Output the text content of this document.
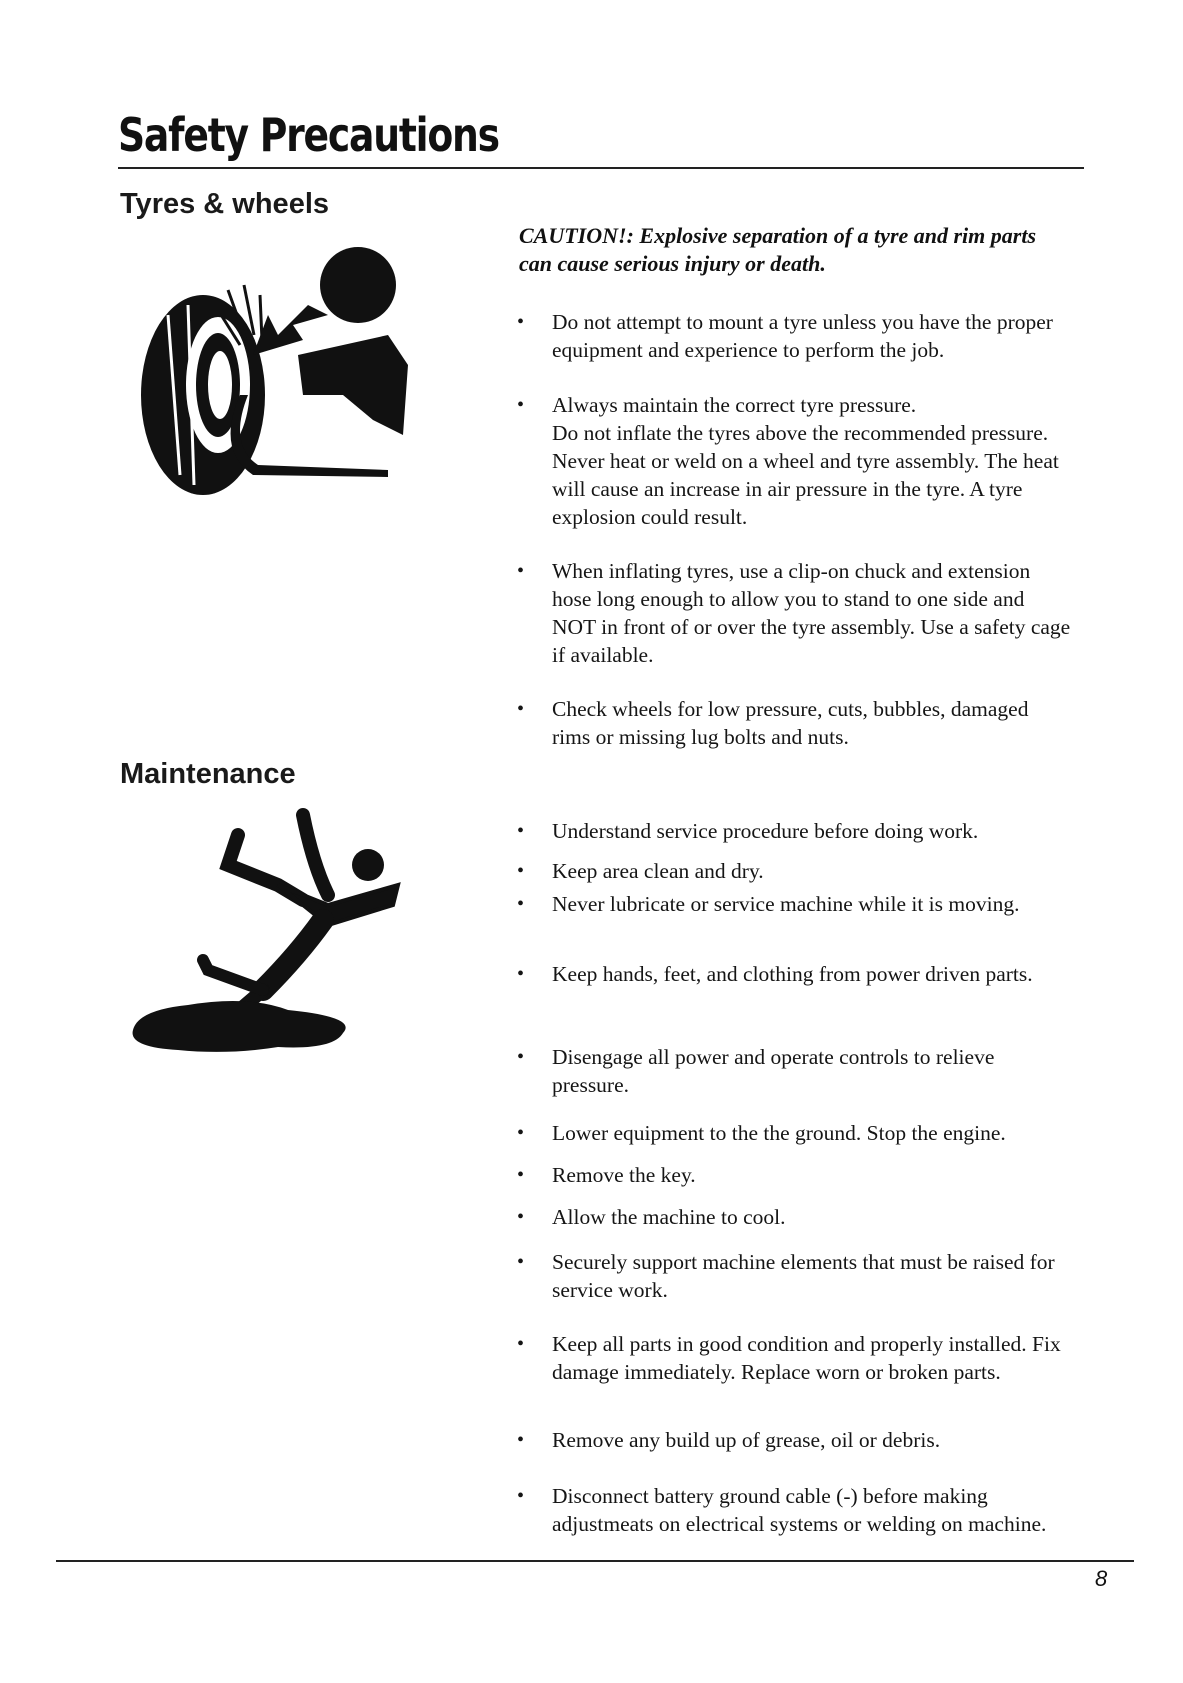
Safety Precautions
Tyres & wheels
CAUTION!: Explosive separation of a tyre and rim parts can cause serious injury or death.
• Do not attempt to mount a tyre unless you have the proper equipment and experience to perform the job.
• Always maintain the correct tyre pressure.
Do not inflate the tyres above the recommended pressure. Never heat or weld on a wheel and tyre assembly. The heat will cause an increase in air pressure in the tyre. A tyre explosion could result.
• When inflating tyres, use a clip-on chuck and extension hose long enough to allow you to stand to one side and NOT in front of or over the tyre assembly. Use a safety cage if available.
• Check wheels for low pressure, cuts, bubbles, damaged rims or missing lug bolts and nuts.
Maintenance
• Understand service procedure before doing work.
• Keep area clean and dry.
• Never lubricate or service machine while it is moving.
• Keep hands, feet, and clothing from power driven parts.
• Disengage all power and operate controls to relieve pressure.
• Lower equipment to the the ground. Stop the engine.
• Remove the key.
• Allow the machine to cool.
• Securely support machine elements that must be raised for service work.
• Keep all parts in good condition and properly installed. Fix damage immediately. Replace worn or broken parts.
• Remove any build up of grease, oil or debris.
• Disconnect battery ground cable (-) before making adjustmeats on electrical systems or welding on machine.
8
